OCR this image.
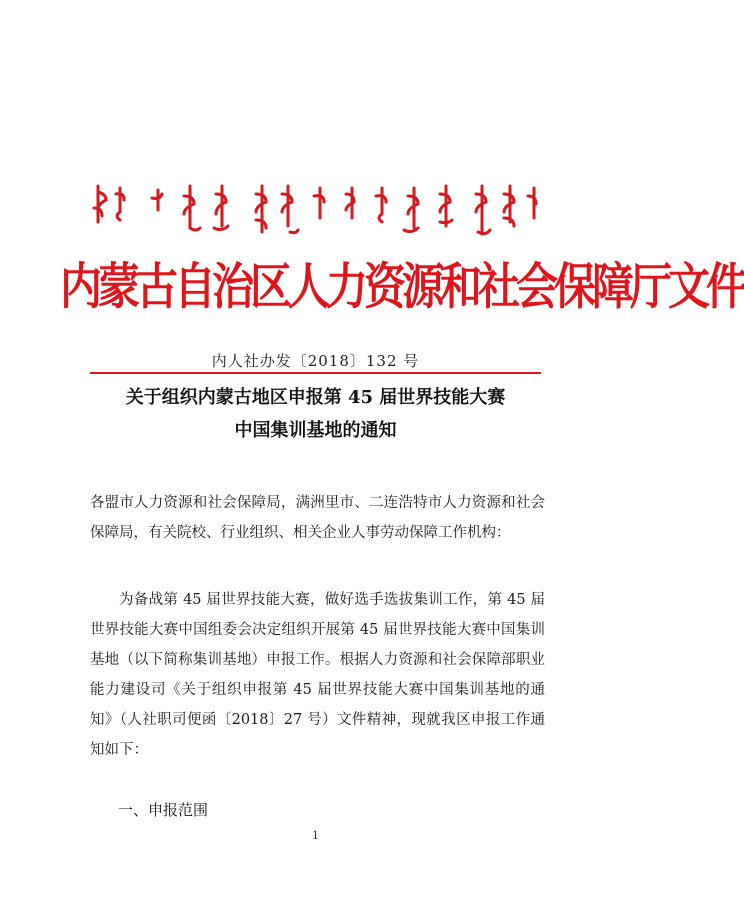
内蒙古自治区人力资源和社会保障厅文件
内人社办发〔2018〕132 号
关于组织内蒙古地区申报第 45 届世界技能大赛
中国集训基地的通知
各盟市人力资源和社会保障局，满洲里市、二连浩特市人力资源和社会保障局，有关院校、行业组织、相关企业人事劳动保障工作机构：
为备战第 45 届世界技能大赛，做好选手选拔集训工作，第 45 届世界技能大赛中国组委会决定组织开展第 45 届世界技能大赛中国集训基地（以下简称集训基地）申报工作。根据人力资源和社会保障部职业能力建设司《关于组织申报第 45 届世界技能大赛中国集训基地的通知》（人社职司便函〔2018〕27 号）文件精神，现就我区申报工作通知如下：
一、申报范围
1
